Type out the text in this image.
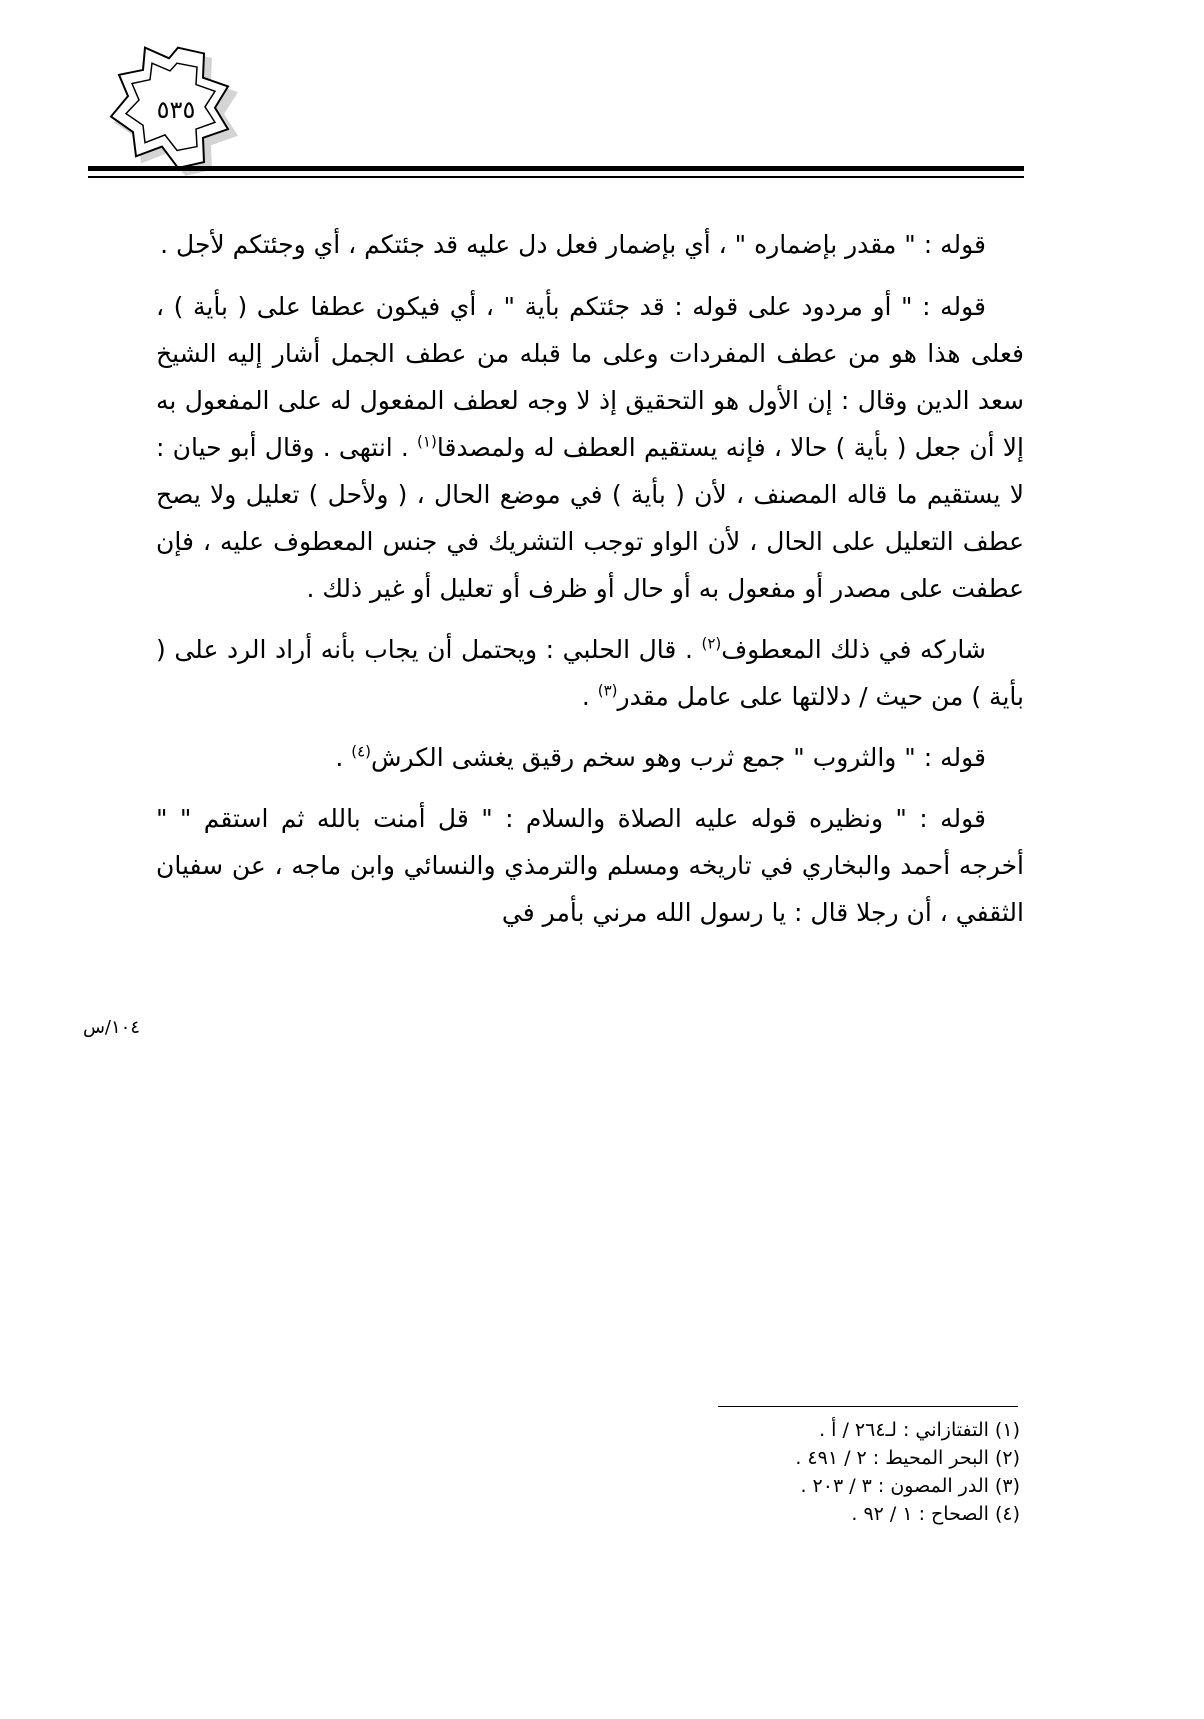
٥٣٥

قوله : " مقدر بإضماره " ، أي بإضمار فعل دل عليه قد جئتكم ، أي وجئتكم لأجل .

قوله : " أو مردود على قوله : قد جئتكم بأية " ، أي فيكون عطفا على ( بأية ) ، فعلى هذا هو من عطف المفردات وعلى ما قبله من عطف الجمل أشار إليه الشيخ سعد الدين وقال : إن الأول هو التحقيق إذ لا وجه لعطف المفعول له على المفعول به إلا أن جعل ( بأية ) حالا ، فإنه يستقيم العطف له ولمصدقا$^{(١)}$ . انتهى . وقال أبو حيان : لا يستقيم ما قاله المصنف ، لأن ( بأية ) في موضع الحال ، ( ولأحل ) تعليل ولا يصح عطف التعليل على الحال ، لأن الواو توجب التشريك في جنس المعطوف عليه ، فإن عطفت على مصدر أو مفعول به أو حال أو ظرف أو تعليل أو غير ذلك .

شاركه في ذلك المعطوف$^{(٢)}$ . قال الحلبي : ويحتمل أن يجاب بأنه أراد الرد على ( بأية ) من حيث / دلالتها على عامل مقدر$^{(٣)}$ .

قوله : " والثروب " جمع ثرب وهو سخم رقيق يغشى الكرش$^{(٤)}$ .

قوله : " ونظيره قوله عليه الصلاة والسلام : " قل أمنت بالله ثم استقم " " أخرجه أحمد والبخاري في تاريخه ومسلم والترمذي والنسائي وابن ماجه ، عن سفيان الثقفي ، أن رجلا قال : يا رسول الله مرني بأمر في

١٠٤/س
(١) التفتازاني : لـ٢٦٤ / أ .
(٢) البحر المحيط : ٢ / ٤٩١ .
(٣) الدر المصون : ٣ / ٢٠٣ .
(٤) الصحاح : ١ / ٩٢ .
